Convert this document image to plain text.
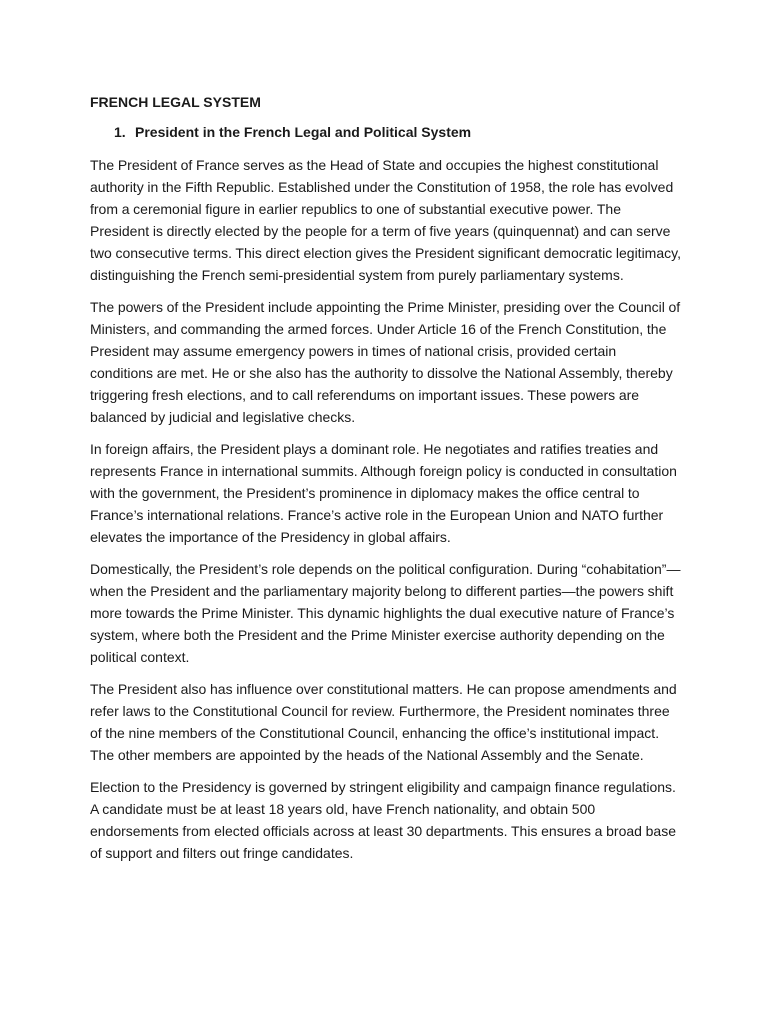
FRENCH LEGAL SYSTEM
1. President in the French Legal and Political System

The President of France serves as the Head of State and occupies the highest constitutional authority in the Fifth Republic. Established under the Constitution of 1958, the role has evolved from a ceremonial figure in earlier republics to one of substantial executive power. The President is directly elected by the people for a term of five years (quinquennat) and can serve two consecutive terms. This direct election gives the President significant democratic legitimacy, distinguishing the French semi-presidential system from purely parliamentary systems.

The powers of the President include appointing the Prime Minister, presiding over the Council of Ministers, and commanding the armed forces. Under Article 16 of the French Constitution, the President may assume emergency powers in times of national crisis, provided certain conditions are met. He or she also has the authority to dissolve the National Assembly, thereby triggering fresh elections, and to call referendums on important issues. These powers are balanced by judicial and legislative checks.

In foreign affairs, the President plays a dominant role. He negotiates and ratifies treaties and represents France in international summits. Although foreign policy is conducted in consultation with the government, the President’s prominence in diplomacy makes the office central to France’s international relations. France’s active role in the European Union and NATO further elevates the importance of the Presidency in global affairs.

Domestically, the President’s role depends on the political configuration. During “cohabitation”—when the President and the parliamentary majority belong to different parties—the powers shift more towards the Prime Minister. This dynamic highlights the dual executive nature of France’s system, where both the President and the Prime Minister exercise authority depending on the political context.

The President also has influence over constitutional matters. He can propose amendments and refer laws to the Constitutional Council for review. Furthermore, the President nominates three of the nine members of the Constitutional Council, enhancing the office’s institutional impact. The other members are appointed by the heads of the National Assembly and the Senate.

Election to the Presidency is governed by stringent eligibility and campaign finance regulations. A candidate must be at least 18 years old, have French nationality, and obtain 500 endorsements from elected officials across at least 30 departments. This ensures a broad base of support and filters out fringe candidates.
